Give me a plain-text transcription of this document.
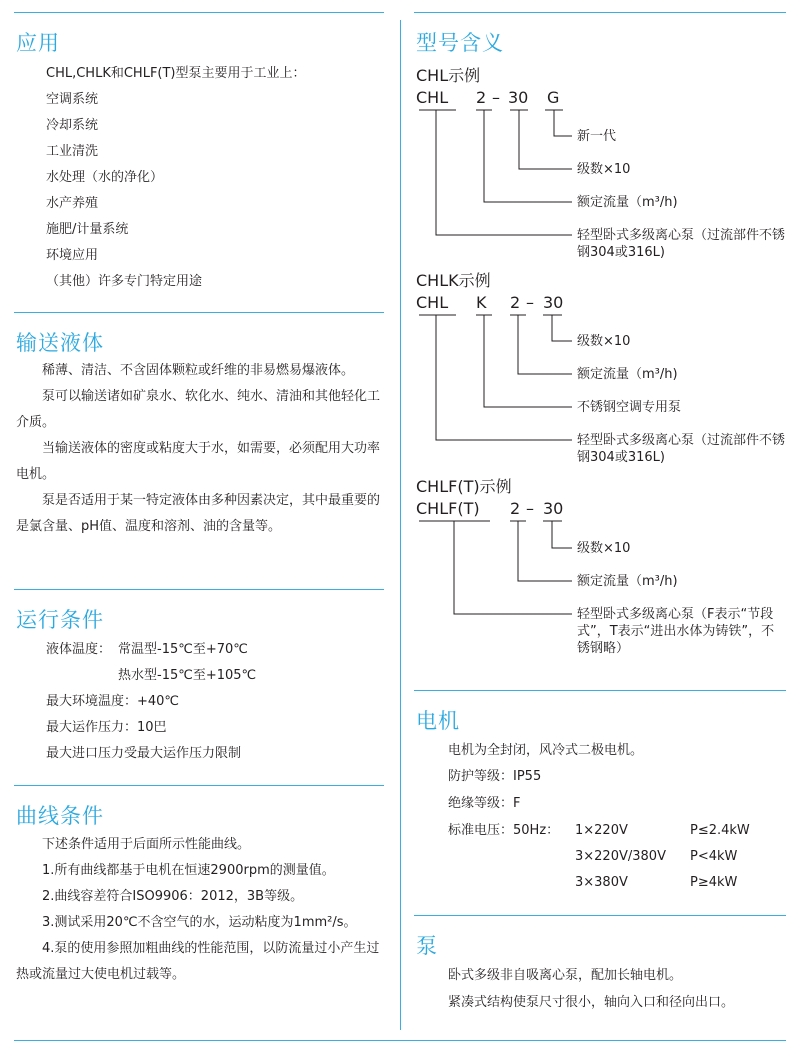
应用
CHL,CHLK和CHLF(T)型泵主要用于工业上：
空调系统
冷却系统
工业清洗
水处理（水的净化）
水产养殖
施肥/计量系统
环境应用
（其他）许多专门特定用途
输送液体

稀薄、清洁、不含固体颗粒或纤维的非易燃易爆液体。

泵可以输送诸如矿泉水、软化水、纯水、清油和其他轻化工介质。

当输送液体的密度或粘度大于水，如需要，必须配用大功率电机。

泵是否适用于某一特定液体由多种因素决定，其中最重要的是氯含量、pH值、温度和溶剂、油的含量等。

运行条件
液体温度： 常温型-15℃至+70℃
热水型-15℃至+105℃
最大环境温度：+40℃
最大运作压力：10巴
最大进口压力受最大运作压力限制
曲线条件

下述条件适用于后面所示性能曲线。

1.所有曲线都基于电机在恒速2900rpm的测量值。

2.曲线容差符合ISO9906：2012，3B等级。

3.测试采用20℃不含空气的水，运动粘度为1mm²/s。

4.泵的使用参照加粗曲线的性能范围，以防流量过小产生过热或流量过大使电机过载等。

型号含义
CHL示例
CHL 2 – 30 G
新一代
级数×10
额定流量（m³/h)
轻型卧式多级离心泵（过流部件不锈钢304或316L)
CHLK示例
CHL K 2 – 30
级数×10
额定流量（m³/h)
不锈钢空调专用泵
轻型卧式多级离心泵（过流部件不锈钢304或316L)
CHLF(T)示例
CHLF(T) 2 – 30
级数×10
额定流量（m³/h)
轻型卧式多级离心泵（F表示“节段式”，T表示“进出水体为铸铁”，不锈钢略）
电机
电机为全封闭，风冷式二极电机。
防护等级：IP55
绝缘等级：F
标准电压：50Hz： 1×220V	P≤2.4kW
3×220V/380V P<4kW
3×380V	P≥4kW
泵
卧式多级非自吸离心泵，配加长轴电机。
紧凑式结构使泵尺寸很小，轴向入口和径向出口。
